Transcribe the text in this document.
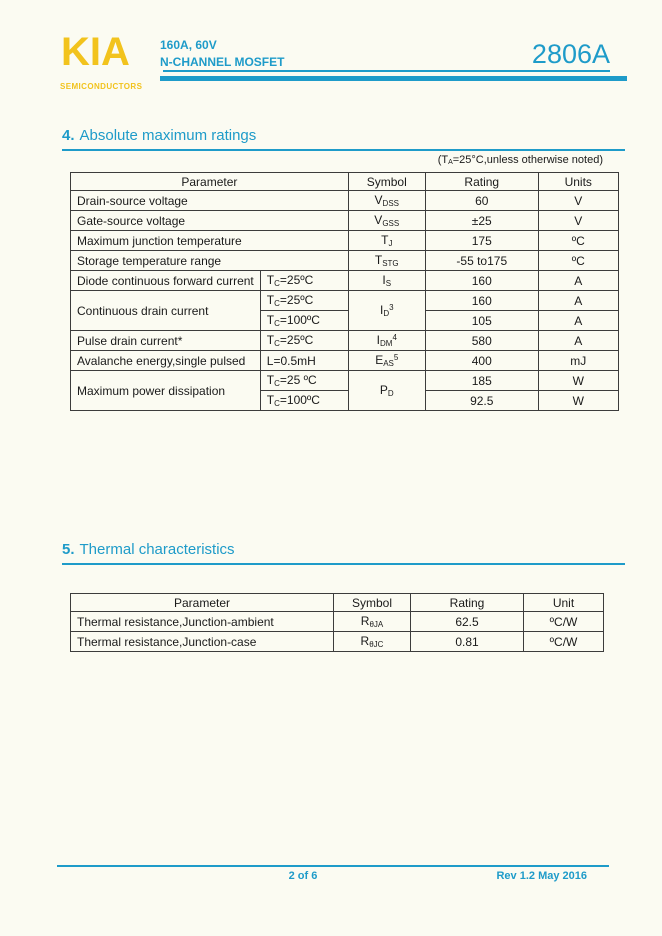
KIA
SEMICONDUCTORS
160A, 60V
N-CHANNEL MOSFET	2806A
4. Absolute maximum ratings
($T_A=25^\circ C,unless$ otherwise noted)
Parameter		Symbol	Rating	Units
Drain-source voltage		$V_{DSS}$	60	V
Gate-source voltage		$V_{GSS}$	±25	V
Maximum junction temperature		$T_J$	175	ºC
Storage temperature range		$T_{STG}$	-55 to175	ºC
Diode continuous forward current	$T_C=25ºC$	$I_S$	160	A
Continuous drain current	$T_C=25ºC$	$I_D^3$	160	A
	$T_C=100ºC$		105	A
Pulse drain current*	$T_C=25ºC$	$I_{DM}^4$	580	A
Avalanche energy,single pulsed	L=0.5mH	$E_{AS}^5$	400	mJ
Maximum power dissipation	$T_C=25$ ºC	$P_D$	185	W
	$T_C=100ºC$		92.5	W
5. Thermal characteristics
Parameter	Symbol	Rating	Unit
Thermal resistance,Junction-ambient	$R_{\theta JA}$	62.5	ºC/W
Thermal resistance,Junction-case	$R_{\theta JC}$	0.81	ºC/W
2 of 6	Rev 1.2 May 2016
